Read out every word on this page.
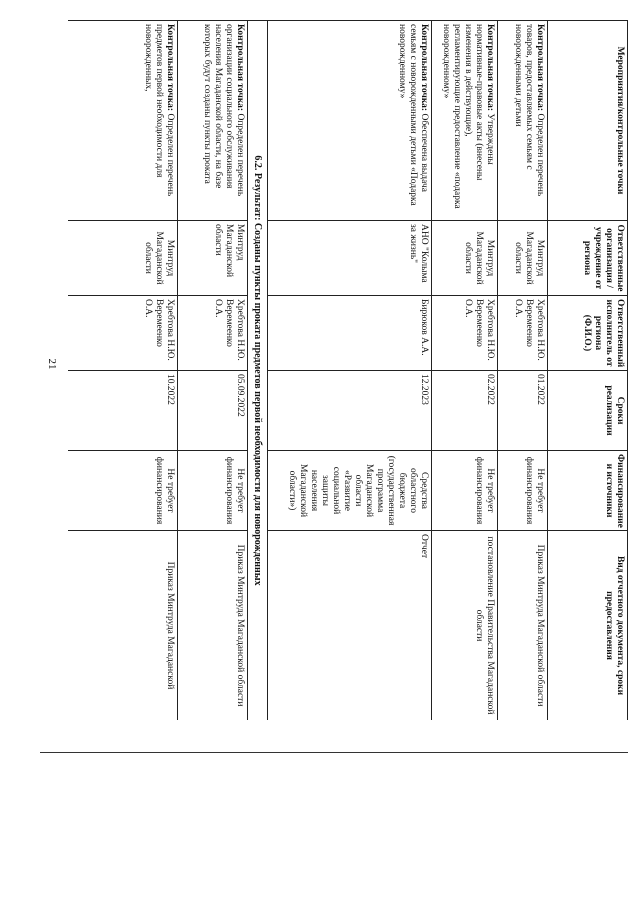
21
Мероприятия/контрольные точки	Ответственные организация / учреждение от региона	Ответственный исполнитель от региона (Ф.И.О.)	Сроки реализации	Финансирование и источники	Вид отчетного документа, сроки предоставления
Контрольная точка: Определен перечень товаров, предоставляемых семьям с новорожденными детьми	Минтруд Магаданской области	Хребтова Н.Ю. Веремеенко О.А.	01.2022	Не требует финансирования	Приказ Минтруда Магаданской области
Контрольная точка: Утверждены нормативные-правовые акты (внесены изменения в действующие), регламентирующие предоставление «подарка новорожденному»	Минтруд Магаданской области	Хребтова Н.Ю. Веремеенко О.А.	02.2022	Не требует финансирования	постановление Правительства Магаданской области
Контрольная точка: Обеспечена выдача семьям с новорожденными детьми «Подарка новорожденному»	АНО "Колыма за жизнь"	Бирюков А.А.	12.2023	Средства областного бюджета (государственная программа Магаданской области «Развитие социальной защиты населения Магаданской области»)	Отчет
6.2. Результат: Созданы пункты проката предметов первой необходимости для новорожденных					
Контрольная точка: Определен перечень организации социального обслуживания населения Магаданской области, на базе которых будут созданы пункты проката	Минтруд Магаданской области	Хребтова Н.Ю. Веремеенко О.А.	05.09.2022	Не требует финансирования	Приказ Минтруда Магаданской области
Контрольная точка: Определен перечень предметов первой необходимости для новорожденных,	Минтруд Магаданской области	Хребтова Н.Ю. Веремеенко О.А.	10.2022	Не требует финансирования	Приказ Минтруда Магаданской
